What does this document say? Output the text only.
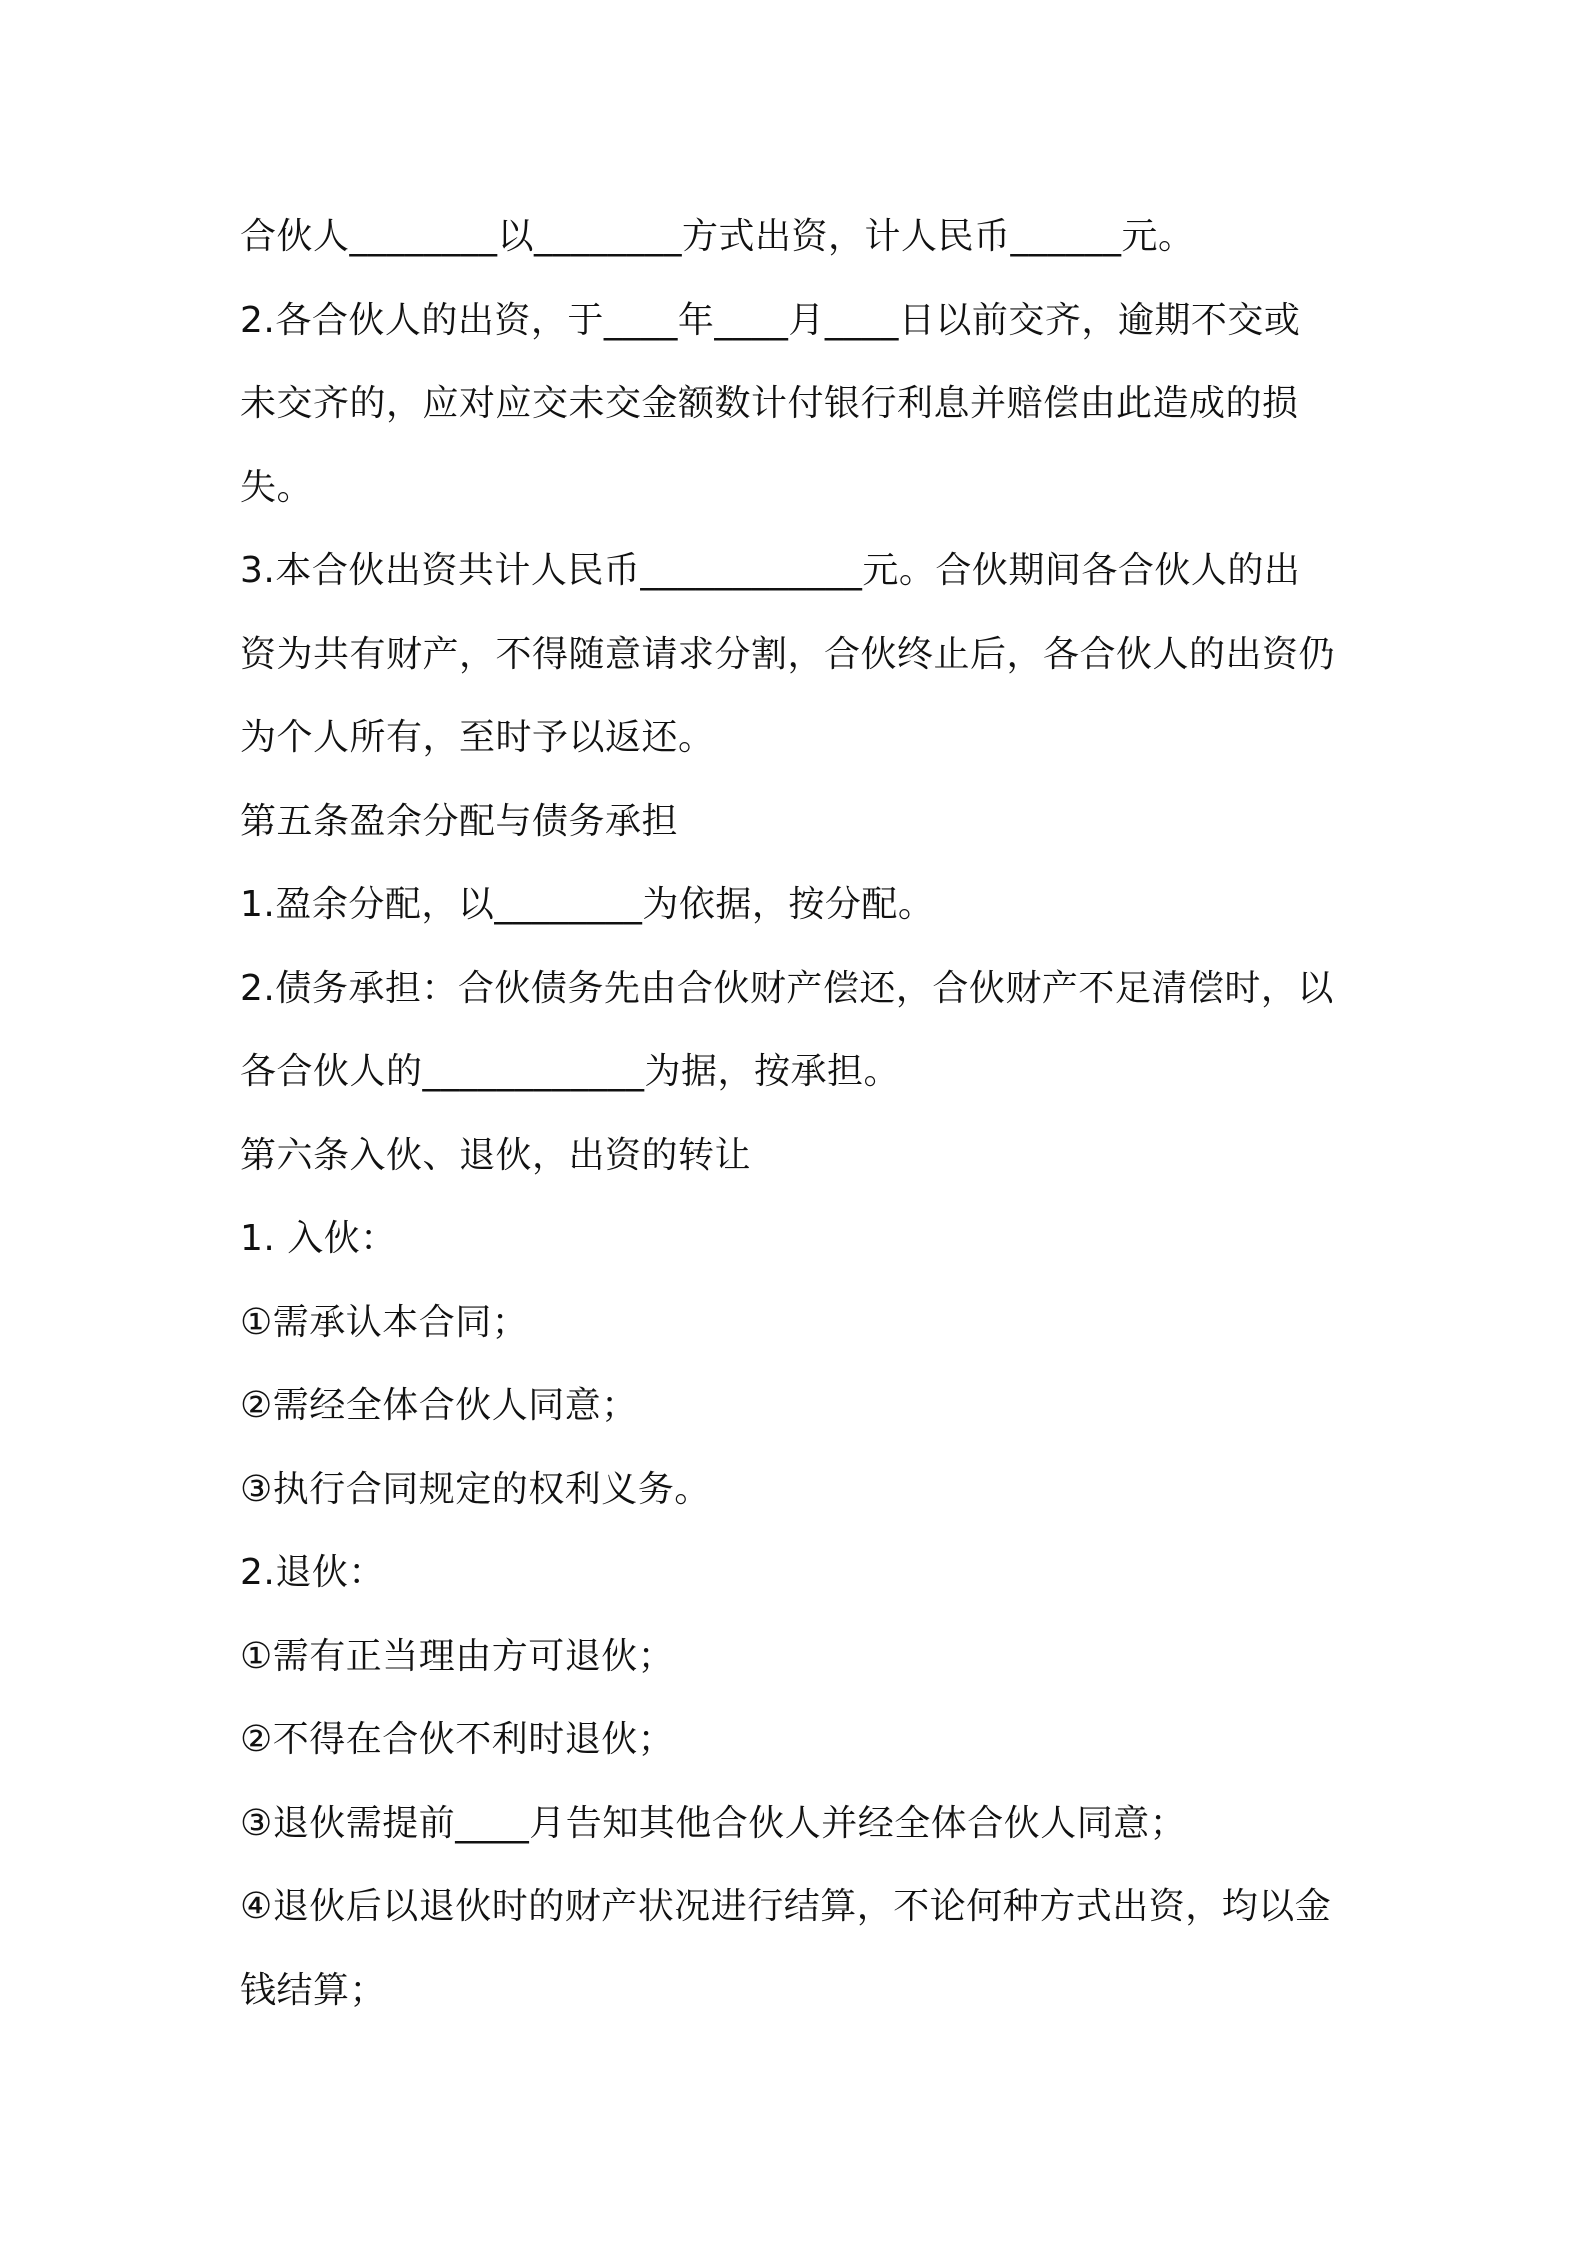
合伙人________以________方式出资，计人民币______元。
2.各合伙人的出资，于____年____月____日以前交齐，逾期不交或
未交齐的，应对应交未交金额数计付银行利息并赔偿由此造成的损
失。
3.本合伙出资共计人民币____________元。合伙期间各合伙人的出
资为共有财产，不得随意请求分割，合伙终止后，各合伙人的出资仍
为个人所有，至时予以返还。
第五条盈余分配与债务承担
1.盈余分配，以________为依据，按分配。
2.债务承担：合伙债务先由合伙财产偿还，合伙财产不足清偿时，以
各合伙人的____________为据，按承担。
第六条入伙、退伙，出资的转让
1. 入伙：
①需承认本合同；
②需经全体合伙人同意；
③执行合同规定的权利义务。
2.退伙：
①需有正当理由方可退伙；
②不得在合伙不利时退伙；
③退伙需提前____月告知其他合伙人并经全体合伙人同意；
④退伙后以退伙时的财产状况进行结算，不论何种方式出资，均以金
钱结算；
